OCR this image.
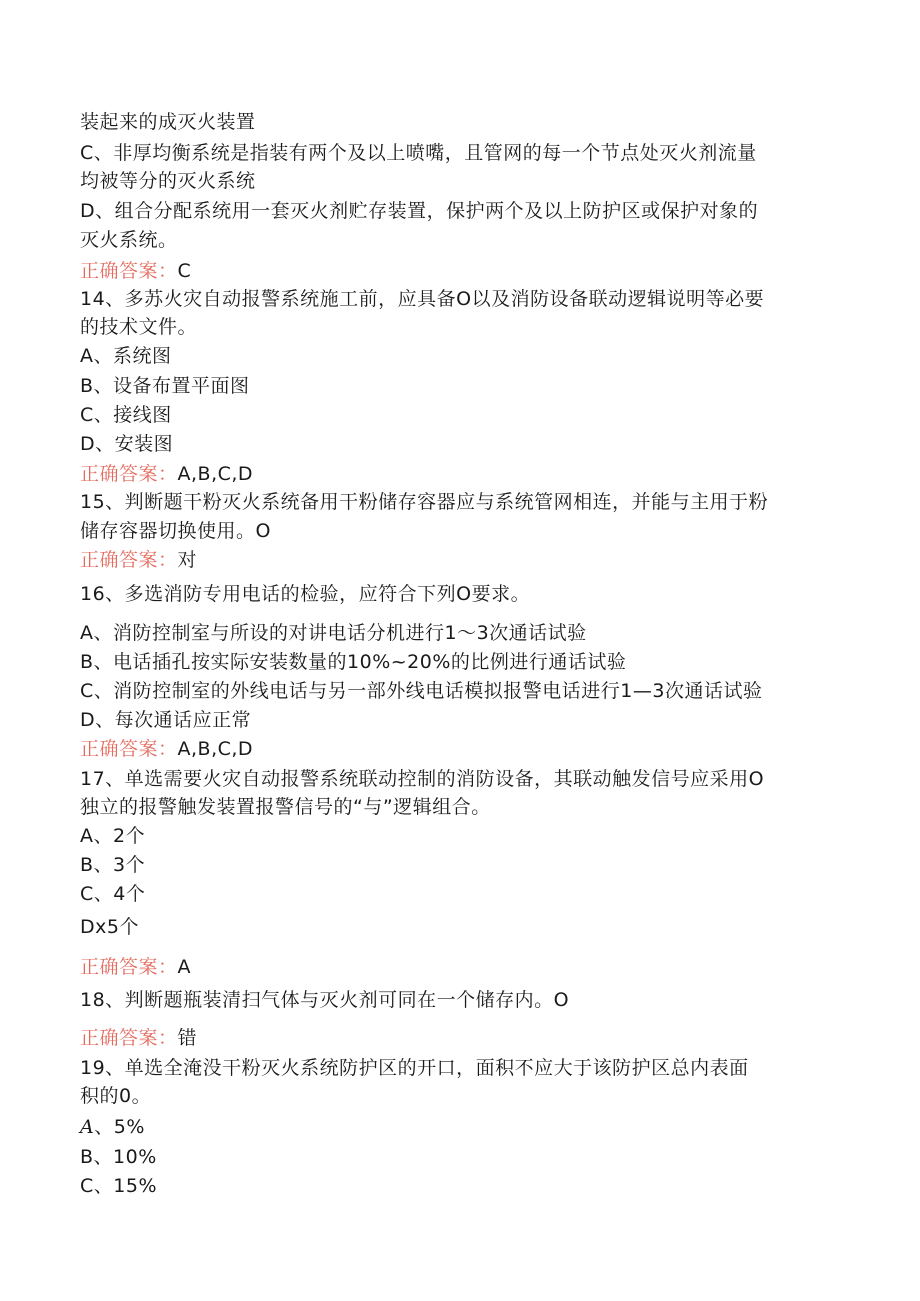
装起来的成灭火装置
C、非厚均衡系统是指装有两个及以上喷嘴，且管网的每一个节点处灭火剂流量
均被等分的灭火系统
D、组合分配系统用一套灭火剂贮存装置，保护两个及以上防护区或保护对象的
灭火系统。
正确答案：C
14、多苏火灾自动报警系统施工前，应具备O以及消防设备联动逻辑说明等必要
的技术文件。
A、系统图
B、设备布置平面图
C、接线图
D、安装图
正确答案：A,B,C,D
15、判断题干粉灭火系统备用干粉储存容器应与系统管网相连，并能与主用于粉
储存容器切换使用。O
正确答案：对
16、多选消防专用电话的检验，应符合下列O要求。
A、消防控制室与所设的对讲电话分机进行1～3次通话试验
B、电话插孔按实际安装数量的10%~20%的比例进行通话试验
C、消防控制室的外线电话与另一部外线电话模拟报警电话进行1—3次通话试验
D、每次通话应正常
正确答案：A,B,C,D
17、单选需要火灾自动报警系统联动控制的消防设备，其联动触发信号应采用O
独立的报警触发装置报警信号的“与”逻辑组合。
A、2个
B、3个
C、4个
Dx5个
正确答案：A
18、判断题瓶装清扫气体与灭火剂可同在一个储存内。O
正确答案：错
19、单选全淹没干粉灭火系统防护区的开口，面积不应大于该防护区总内表面
积的0。
A、5%
B、10%
C、15%
